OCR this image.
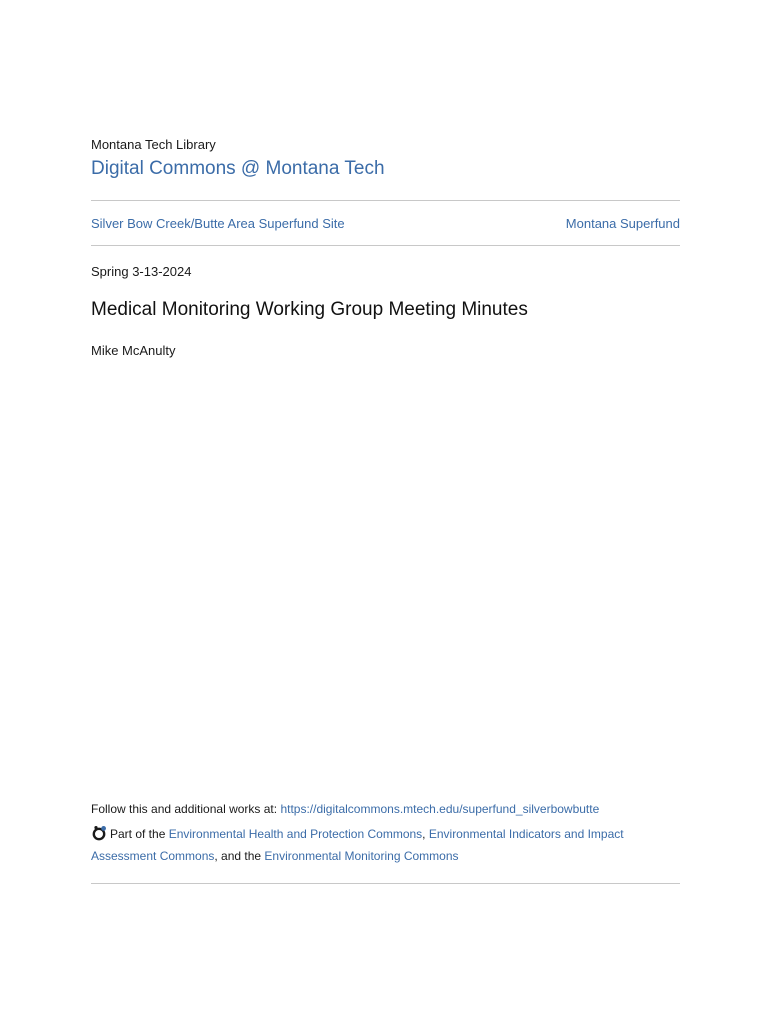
Montana Tech Library
Digital Commons @ Montana Tech
Silver Bow Creek/Butte Area Superfund Site	Montana Superfund
Spring 3-13-2024
Medical Monitoring Working Group Meeting Minutes
Mike McAnulty
Follow this and additional works at: https://digitalcommons.mtech.edu/superfund_silverbowbutte
Part of the Environmental Health and Protection Commons, Environmental Indicators and Impact Assessment Commons, and the Environmental Monitoring Commons
